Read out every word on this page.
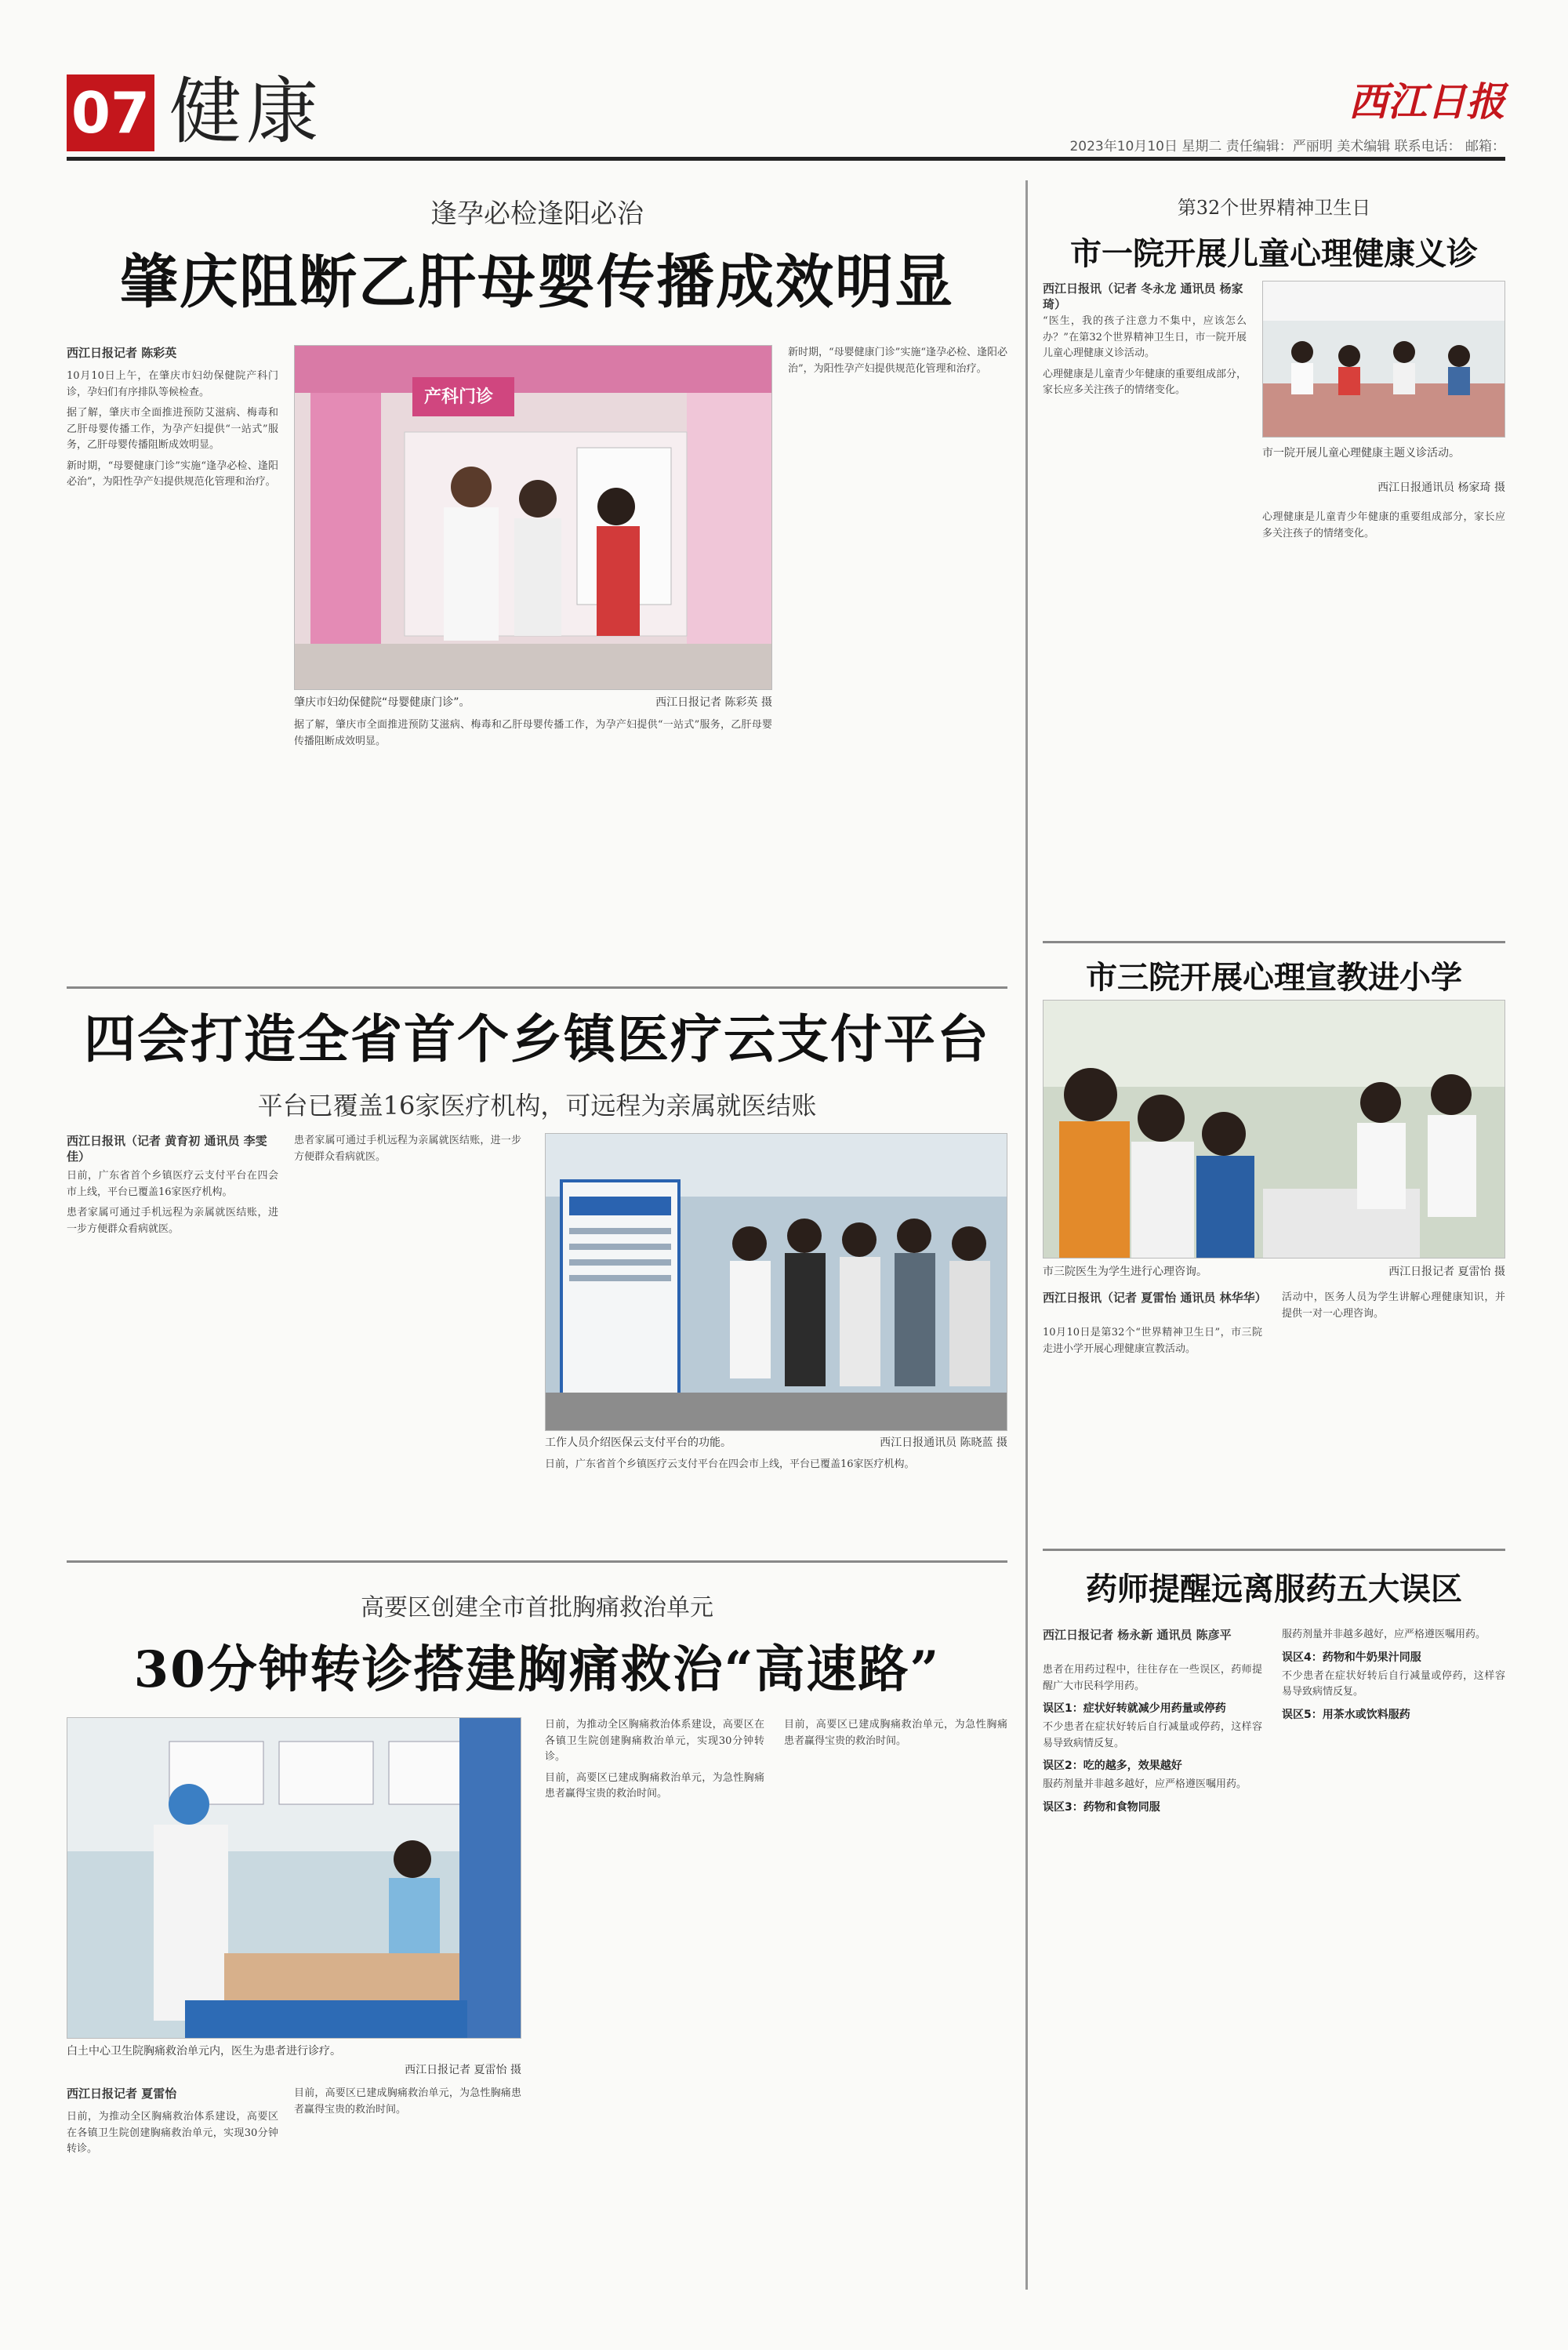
07 健康	西江日报
2023年10月10日 星期二 责任编辑：严丽明 美术编辑 联系电话： 邮箱：
逢孕必检逢阳必治
肇庆阻断乙肝母婴传播成效明显
西江日报记者 陈彩英

10月10日上午，在肇庆市妇幼保健院产科门诊，孕妇们有序排队等候检查。

据了解，肇庆市全面推进预防艾滋病、梅毒和乙肝母婴传播工作，为孕产妇提供“一站式”服务，乙肝母婴传播阻断成效明显。

新时期，“母婴健康门诊”实施“逢孕必检、逢阳必治”，为阳性孕产妇提供规范化管理和治疗。

产科门诊
肇庆市妇幼保健院“母婴健康门诊”。	西江日报记者 陈彩英 摄

据了解，肇庆市全面推进预防艾滋病、梅毒和乙肝母婴传播工作，为孕产妇提供“一站式”服务，乙肝母婴传播阻断成效明显。

新时期，“母婴健康门诊”实施“逢孕必检、逢阳必治”，为阳性孕产妇提供规范化管理和治疗。

四会打造全省首个乡镇医疗云支付平台
平台已覆盖16家医疗机构，可远程为亲属就医结账
西江日报讯（记者 黄育初 通讯员 李雯佳）

日前，广东省首个乡镇医疗云支付平台在四会市上线，平台已覆盖16家医疗机构。

患者家属可通过手机远程为亲属就医结账，进一步方便群众看病就医。

患者家属可通过手机远程为亲属就医结账，进一步方便群众看病就医。

工作人员介绍医保云支付平台的功能。	西江日报通讯员 陈晓蓝 摄

日前，广东省首个乡镇医疗云支付平台在四会市上线，平台已覆盖16家医疗机构。

高要区创建全市首批胸痛救治单元
30分钟转诊搭建胸痛救治“高速路”
白土中心卫生院胸痛救治单元内，医生为患者进行诊疗。
西江日报记者 夏雷怡 摄
西江日报记者 夏雷怡

日前，为推动全区胸痛救治体系建设，高要区在各镇卫生院创建胸痛救治单元，实现30分钟转诊。

目前，高要区已建成胸痛救治单元，为急性胸痛患者赢得宝贵的救治时间。

日前，为推动全区胸痛救治体系建设，高要区在各镇卫生院创建胸痛救治单元，实现30分钟转诊。

目前，高要区已建成胸痛救治单元，为急性胸痛患者赢得宝贵的救治时间。

目前，高要区已建成胸痛救治单元，为急性胸痛患者赢得宝贵的救治时间。

第32个世界精神卫生日
市一院开展儿童心理健康义诊
西江日报讯（记者 冬永龙 通讯员 杨家琦）

“医生，我的孩子注意力不集中，应该怎么办？”在第32个世界精神卫生日，市一院开展儿童心理健康义诊活动。

心理健康是儿童青少年健康的重要组成部分，家长应多关注孩子的情绪变化。

市一院开展儿童心理健康主题义诊活动。
西江日报通讯员 杨家琦 摄

心理健康是儿童青少年健康的重要组成部分，家长应多关注孩子的情绪变化。

市三院开展心理宣教进小学
市三院医生为学生进行心理咨询。	西江日报记者 夏雷怡 摄
西江日报讯（记者 夏雷怡 通讯员 林华华）

10月10日是第32个“世界精神卫生日”，市三院走进小学开展心理健康宣教活动。

活动中，医务人员为学生讲解心理健康知识，并提供一对一心理咨询。

药师提醒远离服药五大误区
西江日报记者 杨永新 通讯员 陈彦平

患者在用药过程中，往往存在一些误区，药师提醒广大市民科学用药。

误区1：症状好转就减少用药量或停药

不少患者在症状好转后自行减量或停药，这样容易导致病情反复。

误区2：吃的越多，效果越好

服药剂量并非越多越好，应严格遵医嘱用药。

误区3：药物和食物同服

服药剂量并非越多越好，应严格遵医嘱用药。

误区4：药物和牛奶果汁同服

不少患者在症状好转后自行减量或停药，这样容易导致病情反复。

误区5：用茶水或饮料服药
